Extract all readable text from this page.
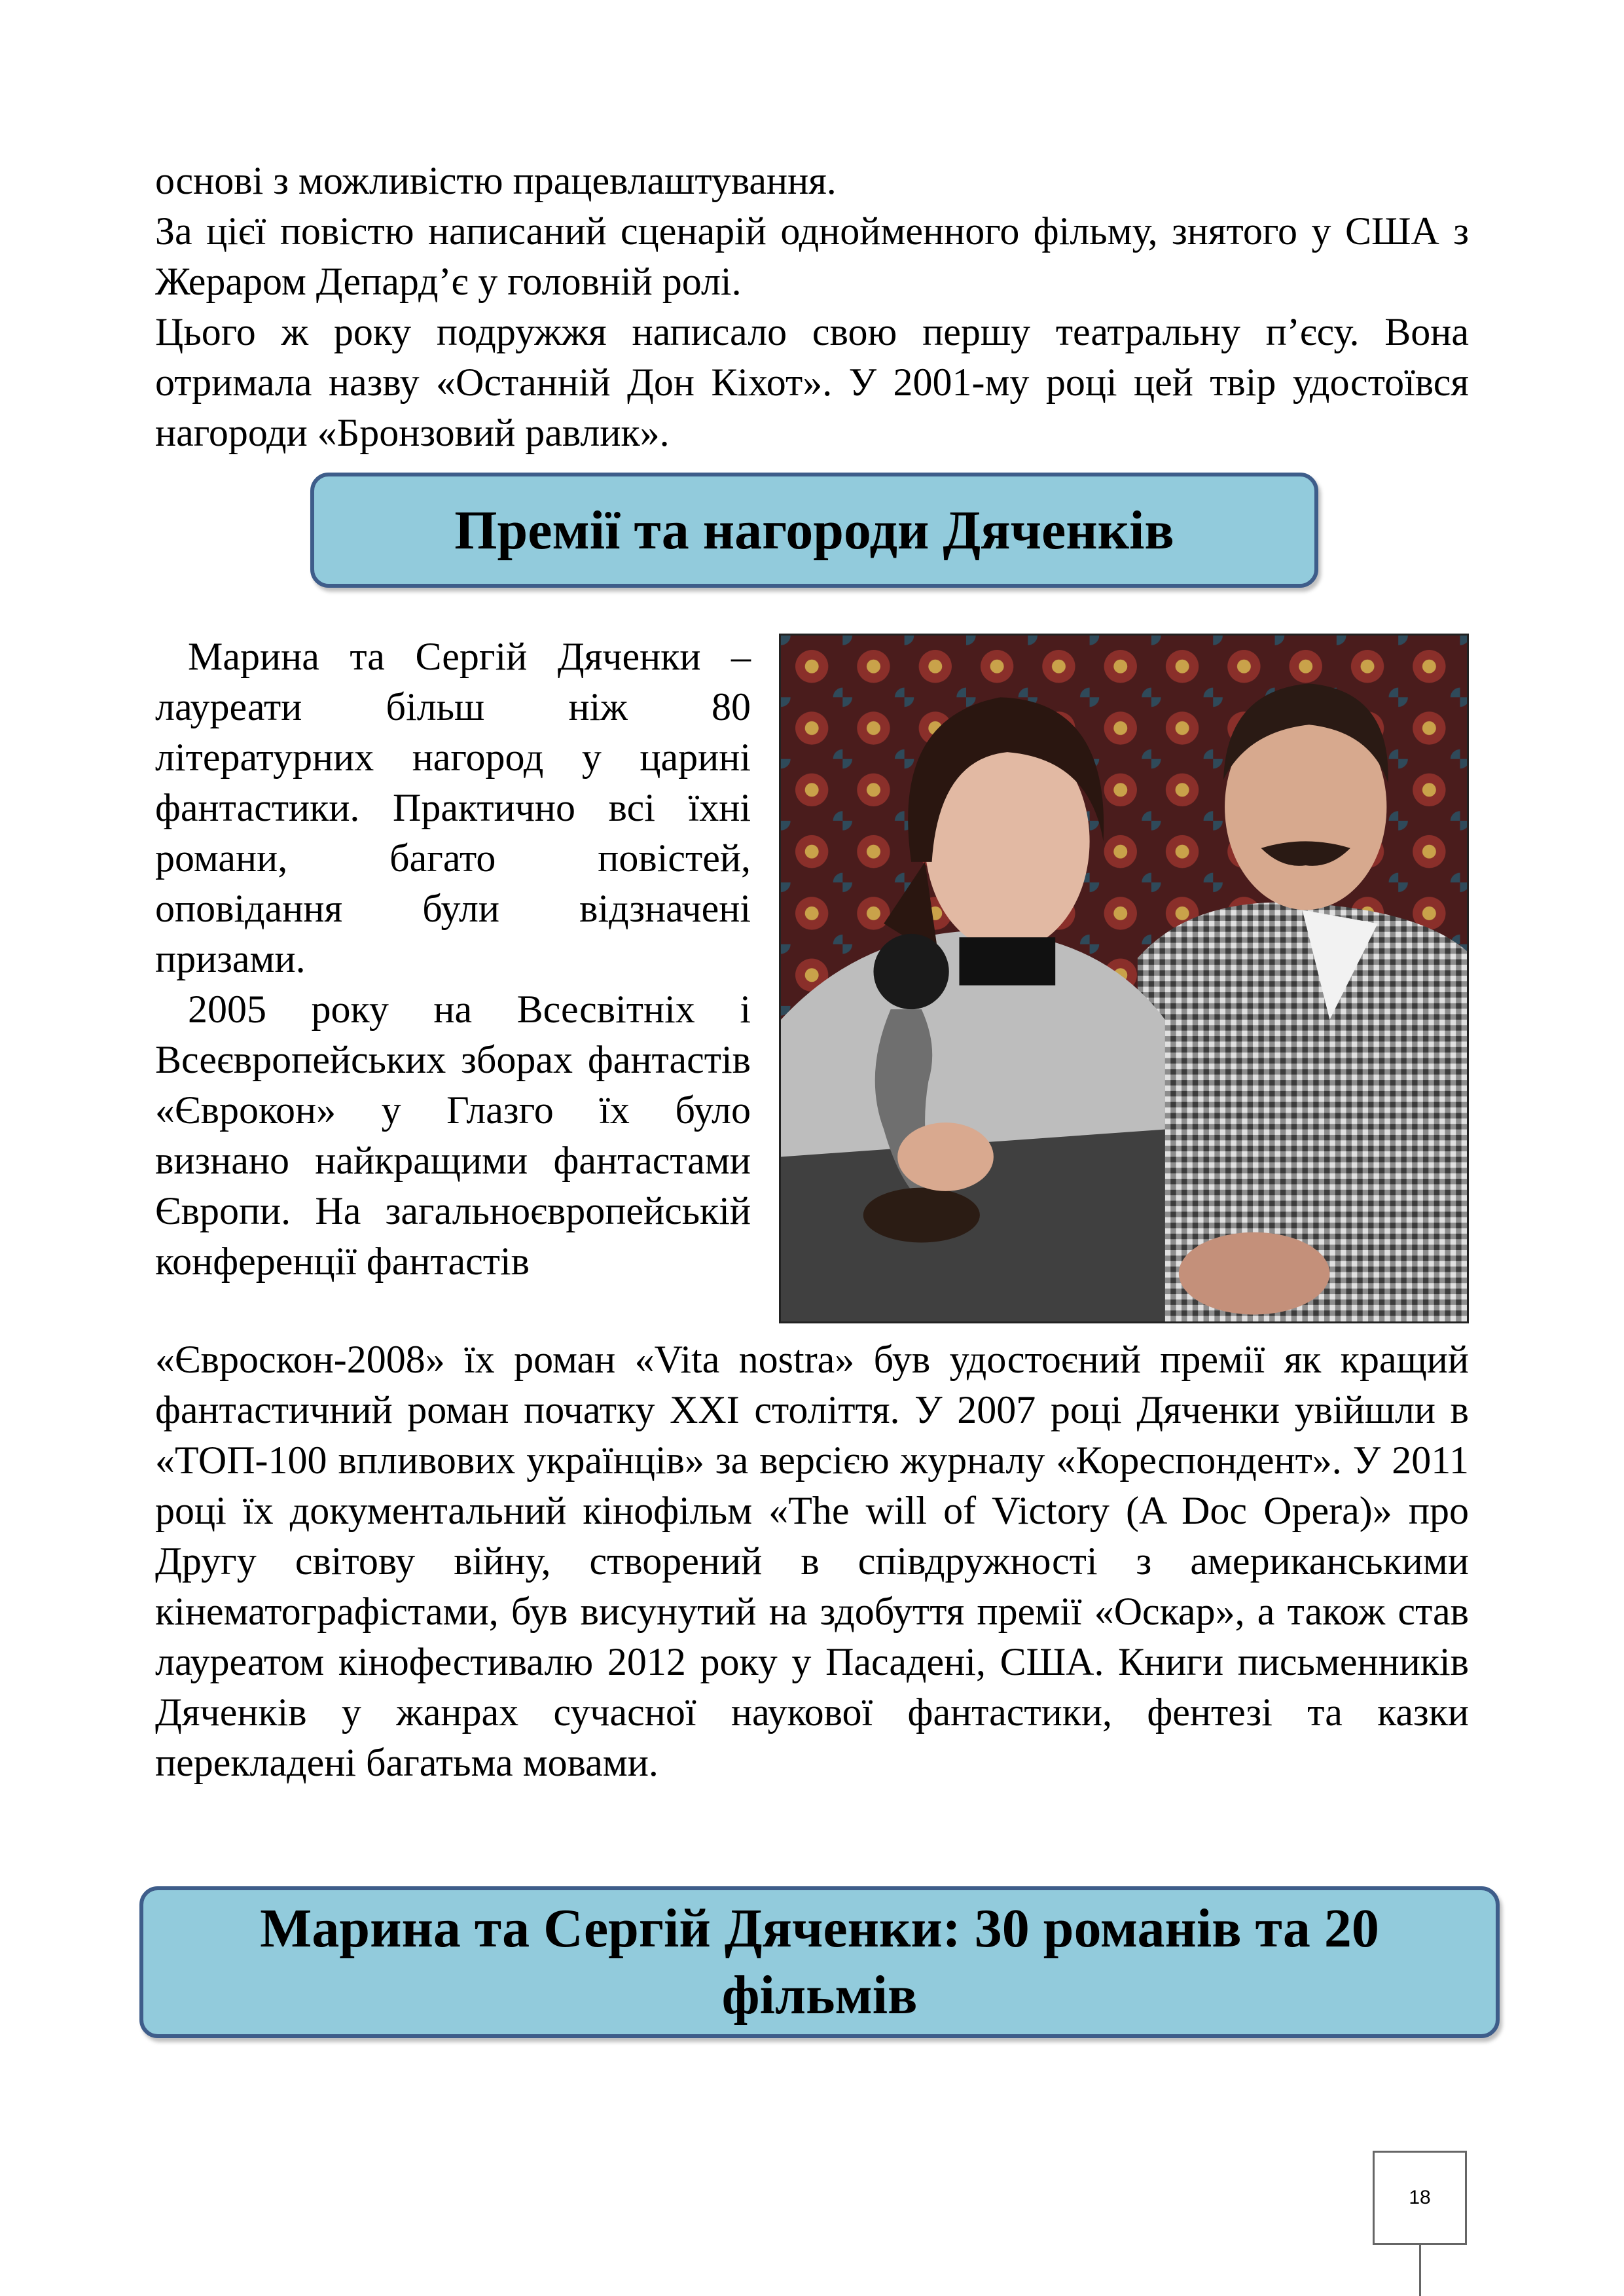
основі з можливістю працевлаштування.

За цієї повістю написаний сценарій однойменного фільму, знятого у США з Жераром Депард’є у головній ролі.

Цього ж року подружжя написало свою першу театральну п’єсу. Вона отримала назву «Останній Дон Кіхот». У 2001-му році цей твір удостоївся нагороди «Бронзовий равлик».

Премії та нагороди Дяченків

Марина та Сергій Дяченки – лауреати більш ніж 80 літературних нагород у царині фантастики. Практично всі їхні романи, багато повістей, оповідання були відзначені призами.

2005 року на Всесвітніх і Всеєвропейських зборах фантастів «Єврокон» у Глазго їх було визнано найкращими фантастами Європи. На загальноєвропейській конференції фантастів

«Єврoскон-2008» їх роман «Vita nostra» був удостоєний премії як кращий фантастичний роман початку XXI століття. У 2007 році Дяченки увійшли в «ТОП-100 впливових українців» за версією журналу «Кореспондент». У 2011 році їх документальний кінофільм «The will of Victory (A Doc Opera)» про Другу світову війну, створений в співдружності з американськими кінематографістами, був висунутий на здобуття премії «Оскар», а також став лауреатом кінофестивалю 2012 року у Пасадені, США. Книги письменників Дяченків у жанрах сучасної наукової фантастики, фентезі та казки перекладені багатьма мовами.

Марина та Сергій Дяченки: 30 романів та 20 фільмів
18
